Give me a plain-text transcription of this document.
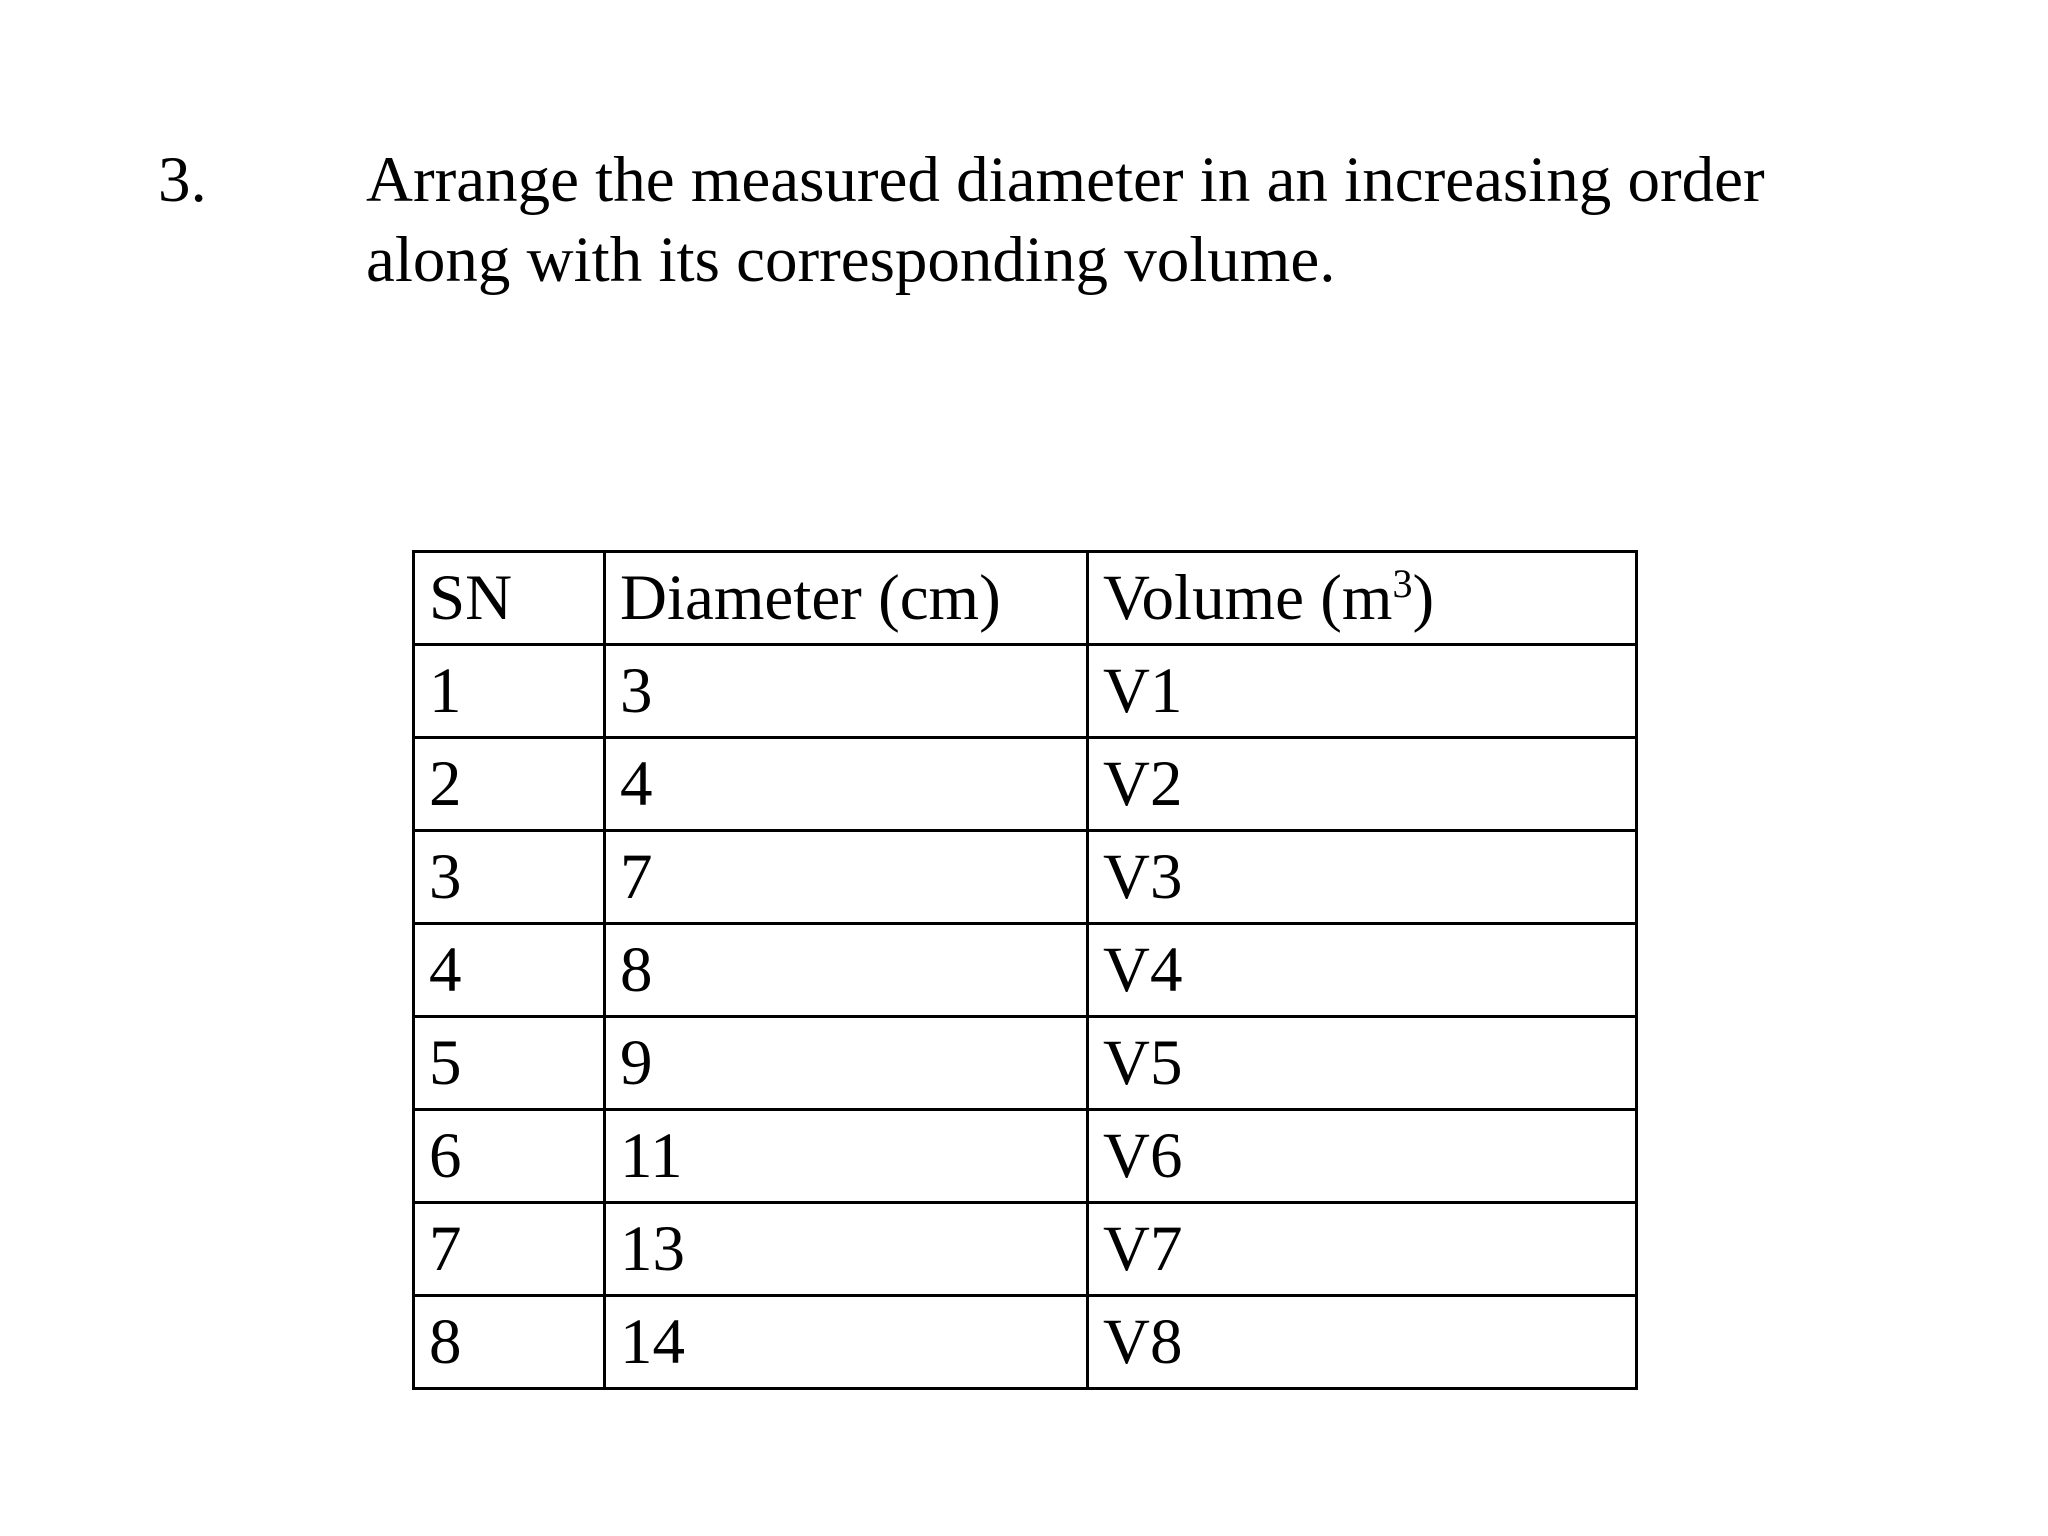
3. Arrange the measured diameter in an increasing order
along with its corresponding volume.
SN	Diameter (cm)	Volume $(m^3)$
1	3	V1
2	4	V2
3	7	V3
4	8	V4
5	9	V5
6	11	V6
7	13	V7
8	14	V8
